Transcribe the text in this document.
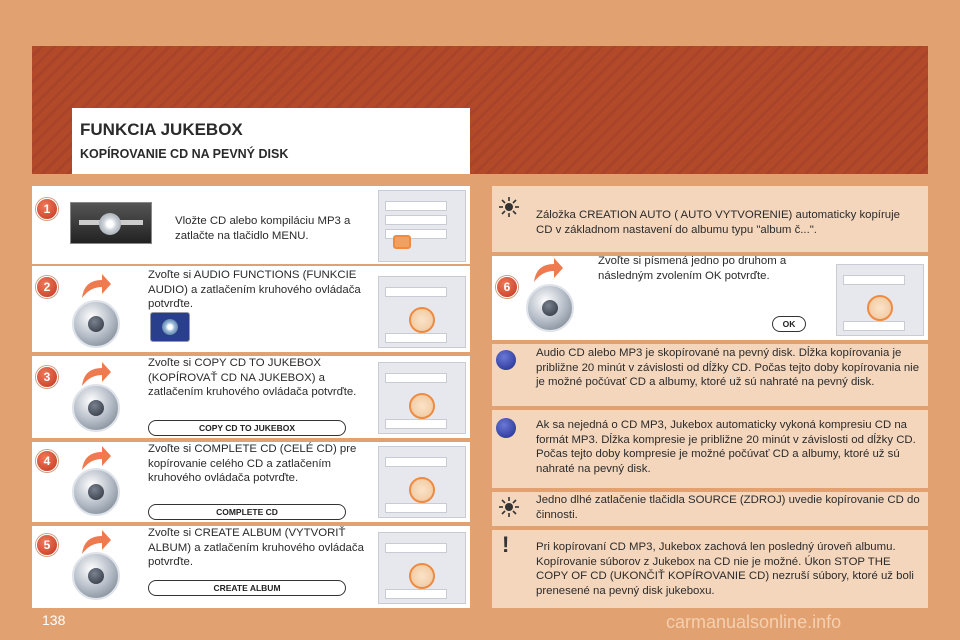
FUNKCIA JUKEBOX
KOPÍROVANIE CD NA PEVNÝ DISK
1
Vložte CD alebo kompiláciu MP3 a zatlačte na tlačidlo MENU.
2
Zvoľte si AUDIO FUNCTIONS (FUNKCIE AUDIO) a zatlačením kruhového ovládača potvrďte.
3
Zvoľte si COPY CD TO JUKEBOX (KOPÍROVAŤ CD NA JUKEBOX) a zatlačením kruhového ovládača potvrďte.
COPY CD TO JUKEBOX
4
Zvoľte si COMPLETE CD (CELÉ CD) pre kopírovanie celého CD a zatlačením kruhového ovládača potvrďte.
COMPLETE CD
5
Zvoľte si CREATE ALBUM (VYTVORIŤ ALBUM) a zatlačením kruhového ovládača potvrďte.
CREATE ALBUM
Záložka CREATION AUTO ( AUTO VYTVORENIE) automaticky kopíruje CD v základnom nastavení do albumu typu "album č...".
6
Zvoľte si písmená jedno po druhom a následným zvolením OK potvrďte.
OK
Audio CD alebo MP3 je skopírované na pevný disk. Dĺžka kopírovania je približne 20 minút v závislosti od dĺžky CD. Počas tejto doby kopírovania nie je možné počúvať CD a albumy, ktoré už sú nahraté na pevný disk.
Ak sa nejedná o CD MP3, Jukebox automaticky vykoná kompresiu CD na formát MP3. Dĺžka kompresie je približne 20 minút v závislosti od dĺžky CD. Počas tejto doby kompresie je možné počúvať CD a albumy, ktoré už sú nahraté na pevný disk.
Jedno dlhé zatlačenie tlačidla SOURCE (ZDROJ) uvedie kopírovanie CD do činnosti.
! Pri kopírovaní CD MP3, Jukebox zachová len posledný úroveň albumu. Kopírovanie súborov z Jukebox na CD nie je možné. Úkon STOP THE COPY OF CD (UKONČIŤ KOPÍROVANIE CD) nezruší súbory, ktoré už boli prenesené na pevný disk jukeboxu.
138	carmanualsonline.info
